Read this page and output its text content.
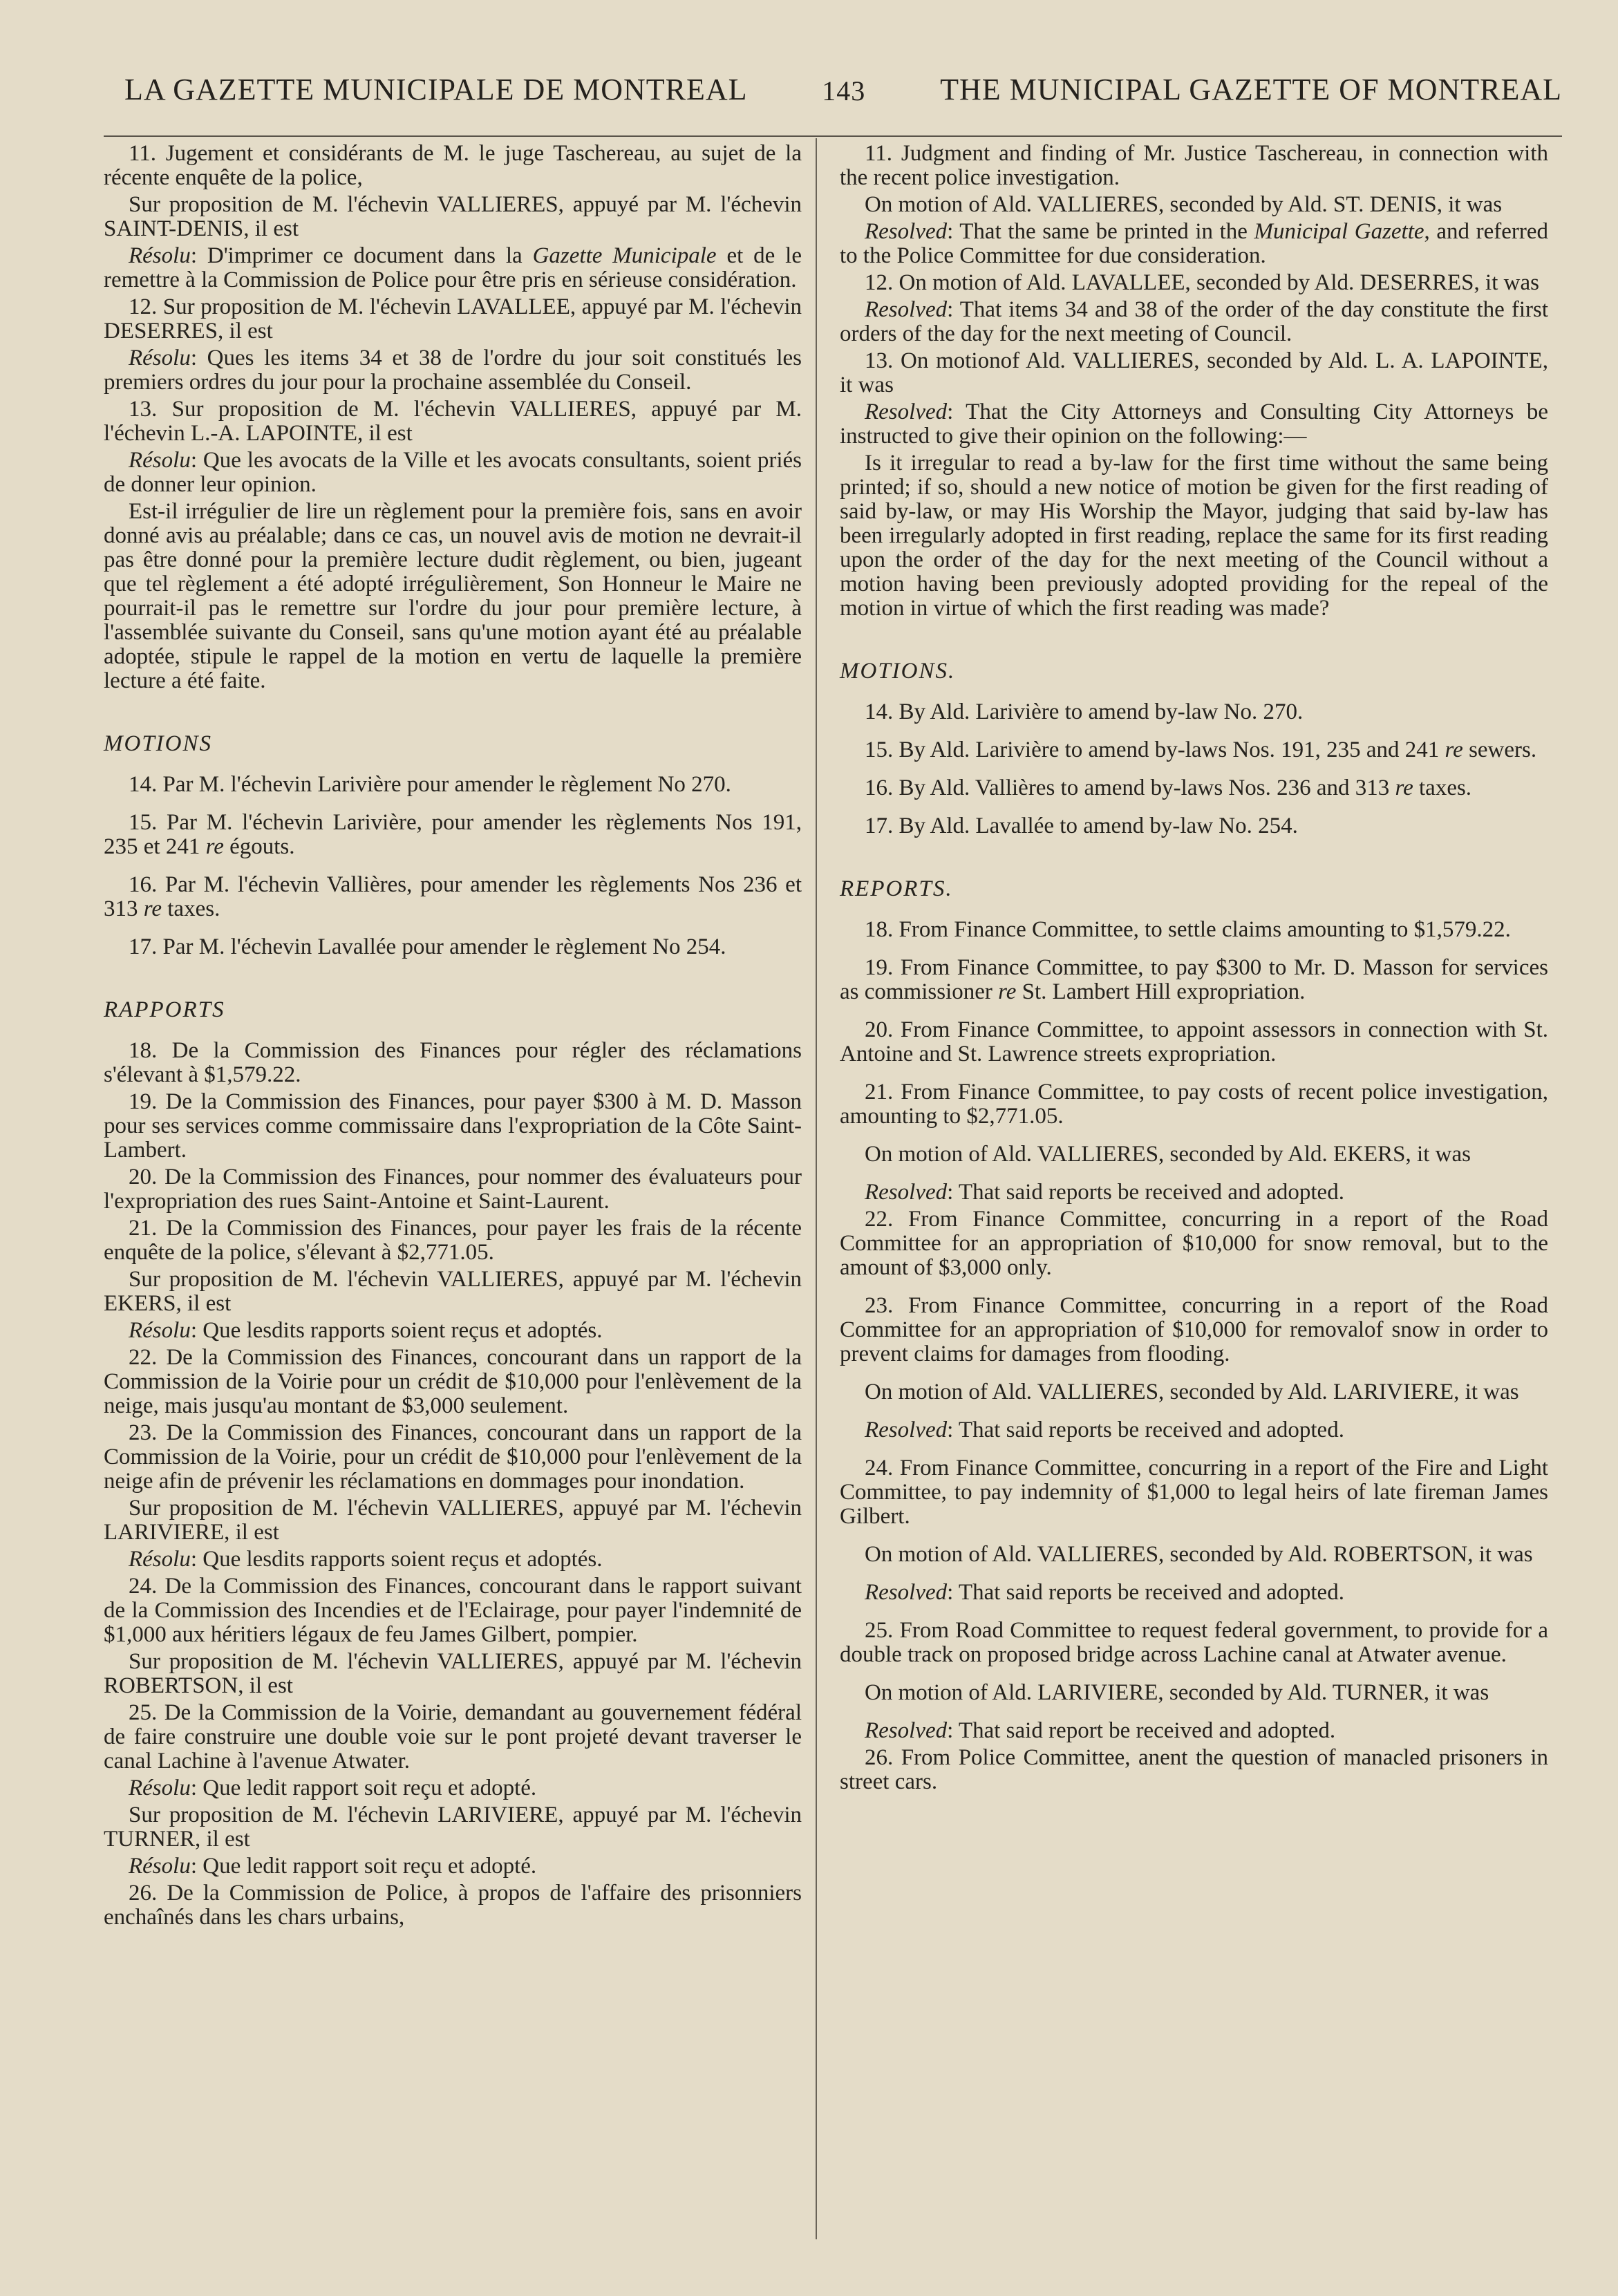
LA GAZETTE MUNICIPALE DE MONTREAL	143 THE MUNICIPAL GAZETTE OF MONTREAL

11. Jugement et considérants de M. le juge Taschereau, au sujet de la récente enquête de la police,

Sur proposition de M. l'échevin VALLIERES, appuyé par M. l'échevin SAINT-DENIS, il est

Résolu: D'imprimer ce document dans la Gazette Municipale et de le remettre à la Commission de Police pour être pris en sérieuse considération.

12. Sur proposition de M. l'échevin LAVALLEE, appuyé par M. l'échevin DESERRES, il est

Résolu: Ques les items 34 et 38 de l'ordre du jour soit constitués les premiers ordres du jour pour la prochaine assemblée du Conseil.

13. Sur proposition de M. l'échevin VALLIERES, appuyé par M. l'échevin L.-A. LAPOINTE, il est

Résolu: Que les avocats de la Ville et les avocats consultants, soient priés de donner leur opinion.

Est-il irrégulier de lire un règlement pour la première fois, sans en avoir donné avis au préalable; dans ce cas, un nouvel avis de motion ne devrait-il pas être donné pour la première lecture dudit règlement, ou bien, jugeant que tel règlement a été adopté irrégulièrement, Son Honneur le Maire ne pourrait-il pas le remettre sur l'ordre du jour pour première lecture, à l'assemblée suivante du Conseil, sans qu'une motion ayant été au préalable adoptée, stipule le rappel de la motion en vertu de laquelle la première lecture a été faite.

MOTIONS

14. Par M. l'échevin Larivière pour amender le règlement No 270.

15. Par M. l'échevin Larivière, pour amender les règlements Nos 191, 235 et 241 re égouts.

16. Par M. l'échevin Vallières, pour amender les règlements Nos 236 et 313 re taxes.

17. Par M. l'échevin Lavallée pour amender le règlement No 254.

RAPPORTS

18. De la Commission des Finances pour régler des réclamations s'élevant à $1,579.22.

19. De la Commission des Finances, pour payer $300 à M. D. Masson pour ses services comme commissaire dans l'expropriation de la Côte Saint-Lambert.

20. De la Commission des Finances, pour nommer des évaluateurs pour l'expropriation des rues Saint-Antoine et Saint-Laurent.

21. De la Commission des Finances, pour payer les frais de la récente enquête de la police, s'élevant à $2,771.05.

Sur proposition de M. l'échevin VALLIERES, appuyé par M. l'échevin EKERS, il est

Résolu: Que lesdits rapports soient reçus et adoptés.

22. De la Commission des Finances, concourant dans un rapport de la Commission de la Voirie pour un crédit de $10,000 pour l'enlèvement de la neige, mais jusqu'au montant de $3,000 seulement.

23. De la Commission des Finances, concourant dans un rapport de la Commission de la Voirie, pour un crédit de $10,000 pour l'enlèvement de la neige afin de prévenir les réclamations en dommages pour inondation.

Sur proposition de M. l'échevin VALLIERES, appuyé par M. l'échevin LARIVIERE, il est

Résolu: Que lesdits rapports soient reçus et adoptés.

24. De la Commission des Finances, concourant dans le rapport suivant de la Commission des Incendies et de l'Eclairage, pour payer l'indemnité de $1,000 aux héritiers légaux de feu James Gilbert, pompier.

Sur proposition de M. l'échevin VALLIERES, appuyé par M. l'échevin ROBERTSON, il est

25. De la Commission de la Voirie, demandant au gouvernement fédéral de faire construire une double voie sur le pont projeté devant traverser le canal Lachine à l'avenue Atwater.

Résolu: Que ledit rapport soit reçu et adopté.

Sur proposition de M. l'échevin LARIVIERE, appuyé par M. l'échevin TURNER, il est

Résolu: Que ledit rapport soit reçu et adopté.

26. De la Commission de Police, à propos de l'affaire des prisonniers enchaînés dans les chars urbains,

11. Judgment and finding of Mr. Justice Taschereau, in connection with the recent police investigation.

On motion of Ald. VALLIERES, seconded by Ald. ST. DENIS, it was

Resolved: That the same be printed in the Municipal Gazette, and referred to the Police Committee for due consideration.

12. On motion of Ald. LAVALLEE, seconded by Ald. DESERRES, it was

Resolved: That items 34 and 38 of the order of the day constitute the first orders of the day for the next meeting of Council.

13. On motionof Ald. VALLIERES, seconded by Ald. L. A. LAPOINTE, it was

Resolved: That the City Attorneys and Consulting City Attorneys be instructed to give their opinion on the following:—

Is it irregular to read a by-law for the first time without the same being printed; if so, should a new notice of motion be given for the first reading of said by-law, or may His Worship the Mayor, judging that said by-law has been irregularly adopted in first reading, replace the same for its first reading upon the order of the day for the next meeting of the Council without a motion having been previously adopted providing for the repeal of the motion in virtue of which the first reading was made?

MOTIONS.

14. By Ald. Larivière to amend by-law No. 270.

15. By Ald. Larivière to amend by-laws Nos. 191, 235 and 241 re sewers.

16. By Ald. Vallières to amend by-laws Nos. 236 and 313 re taxes.

17. By Ald. Lavallée to amend by-law No. 254.

REPORTS.

18. From Finance Committee, to settle claims amounting to $1,579.22.

19. From Finance Committee, to pay $300 to Mr. D. Masson for services as commissioner re St. Lambert Hill expropriation.

20. From Finance Committee, to appoint assessors in connection with St. Antoine and St. Lawrence streets expropriation.

21. From Finance Committee, to pay costs of recent police investigation, amounting to $2,771.05.

On motion of Ald. VALLIERES, seconded by Ald. EKERS, it was

Resolved: That said reports be received and adopted.

22. From Finance Committee, concurring in a report of the Road Committee for an appropriation of $10,000 for snow removal, but to the amount of $3,000 only.

23. From Finance Committee, concurring in a report of the Road Committee for an appropriation of $10,000 for removalof snow in order to prevent claims for damages from flooding.

On motion of Ald. VALLIERES, seconded by Ald. LARIVIERE, it was

Resolved: That said reports be received and adopted.

24. From Finance Committee, concurring in a report of the Fire and Light Committee, to pay indemnity of $1,000 to legal heirs of late fireman James Gilbert.

On motion of Ald. VALLIERES, seconded by Ald. ROBERTSON, it was

Resolved: That said reports be received and adopted.

25. From Road Committee to request federal government, to provide for a double track on proposed bridge across Lachine canal at Atwater avenue.

On motion of Ald. LARIVIERE, seconded by Ald. TURNER, it was

Resolved: That said report be received and adopted.

26. From Police Committee, anent the question of manacled prisoners in street cars.
